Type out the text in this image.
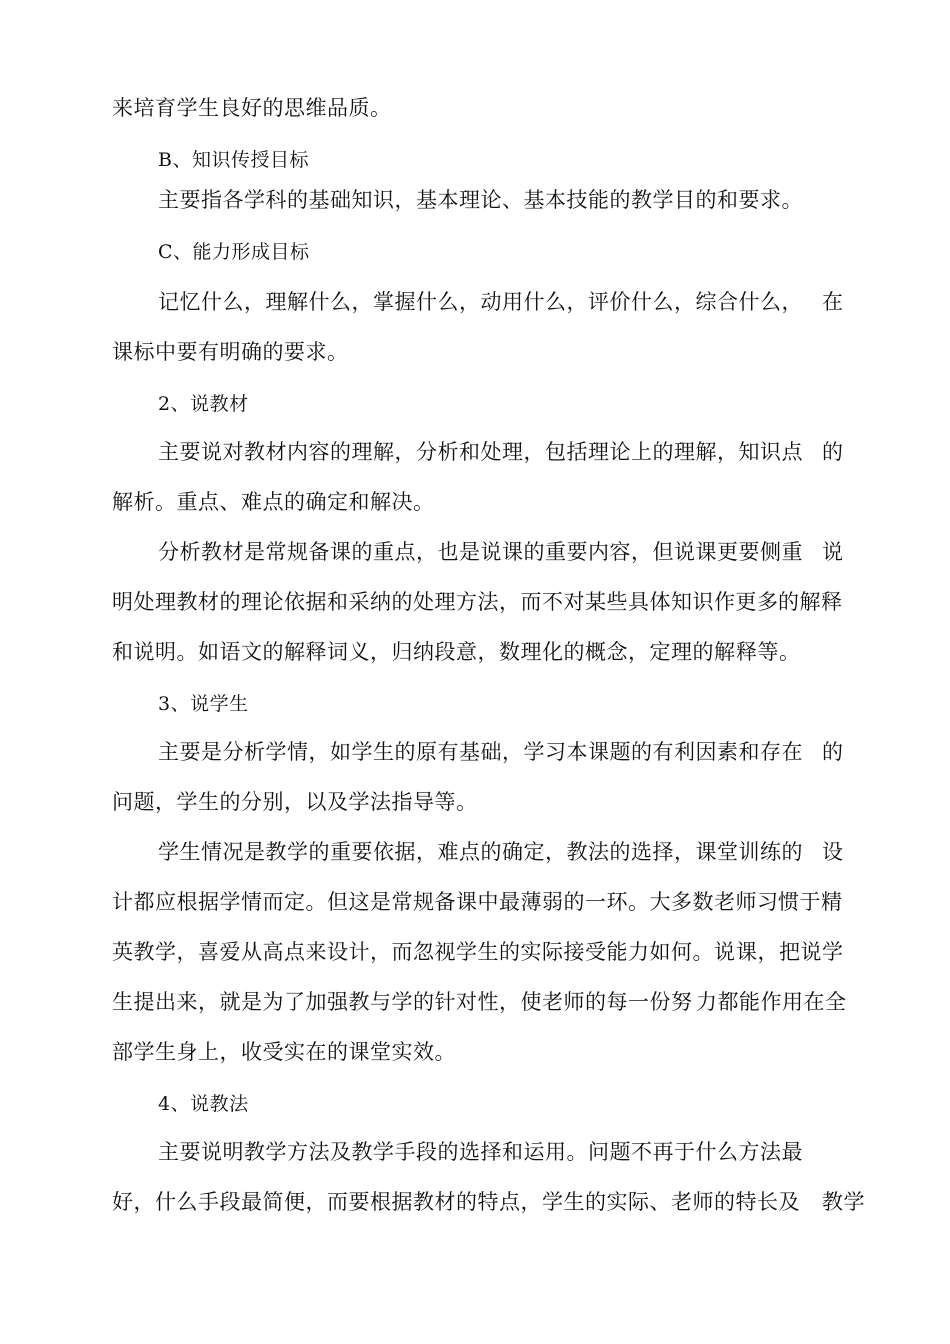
来培育学生良好的思维品质。
B、知识传授目标
主要指各学科的基础知识，基本理论、基本技能的教学目的和要求。
C、能力形成目标
记忆什么，理解什么，掌握什么，动用什么，评价什么，综合什么， 在
课标中要有明确的要求。
2、说教材
主要说对教材内容的理解，分析和处理，包括理论上的理解，知识点 的
解析。重点、难点的确定和解决。
分析教材是常规备课的重点，也是说课的重要内容，但说课更要侧重 说
明处理教材的理论依据和采纳的处理方法，而不对某些具体知识作更多 的解释
和说明。如语文的解释词义，归纳段意，数理化的概念，定理的解 释等。
3、说学生
主要是分析学情，如学生的原有基础，学习本课题的有利因素和存在 的
问题，学生的分别，以及学法指导等。
学生情况是教学的重要依据，难点的确定，教法的选择，课堂训练的 设
计都应根据学情而定。但这是常规备课中最薄弱的一环。大多数老师习 惯于精
英教学，喜爱从高点来设计，而忽视学生的实际接受能力如何。说 课，把说学
生提出来，就是为了加强教与学的针对性，使老师的每一份努 力都能作用在全
部学生身上，收受实在的课堂实效。
4、说教法
主要说明教学方法及教学手段的选择和运用。问题不再于什么方法最
好，什么手段最简便，而要根据教材的特点，学生的实际、老师的特长及 教学
